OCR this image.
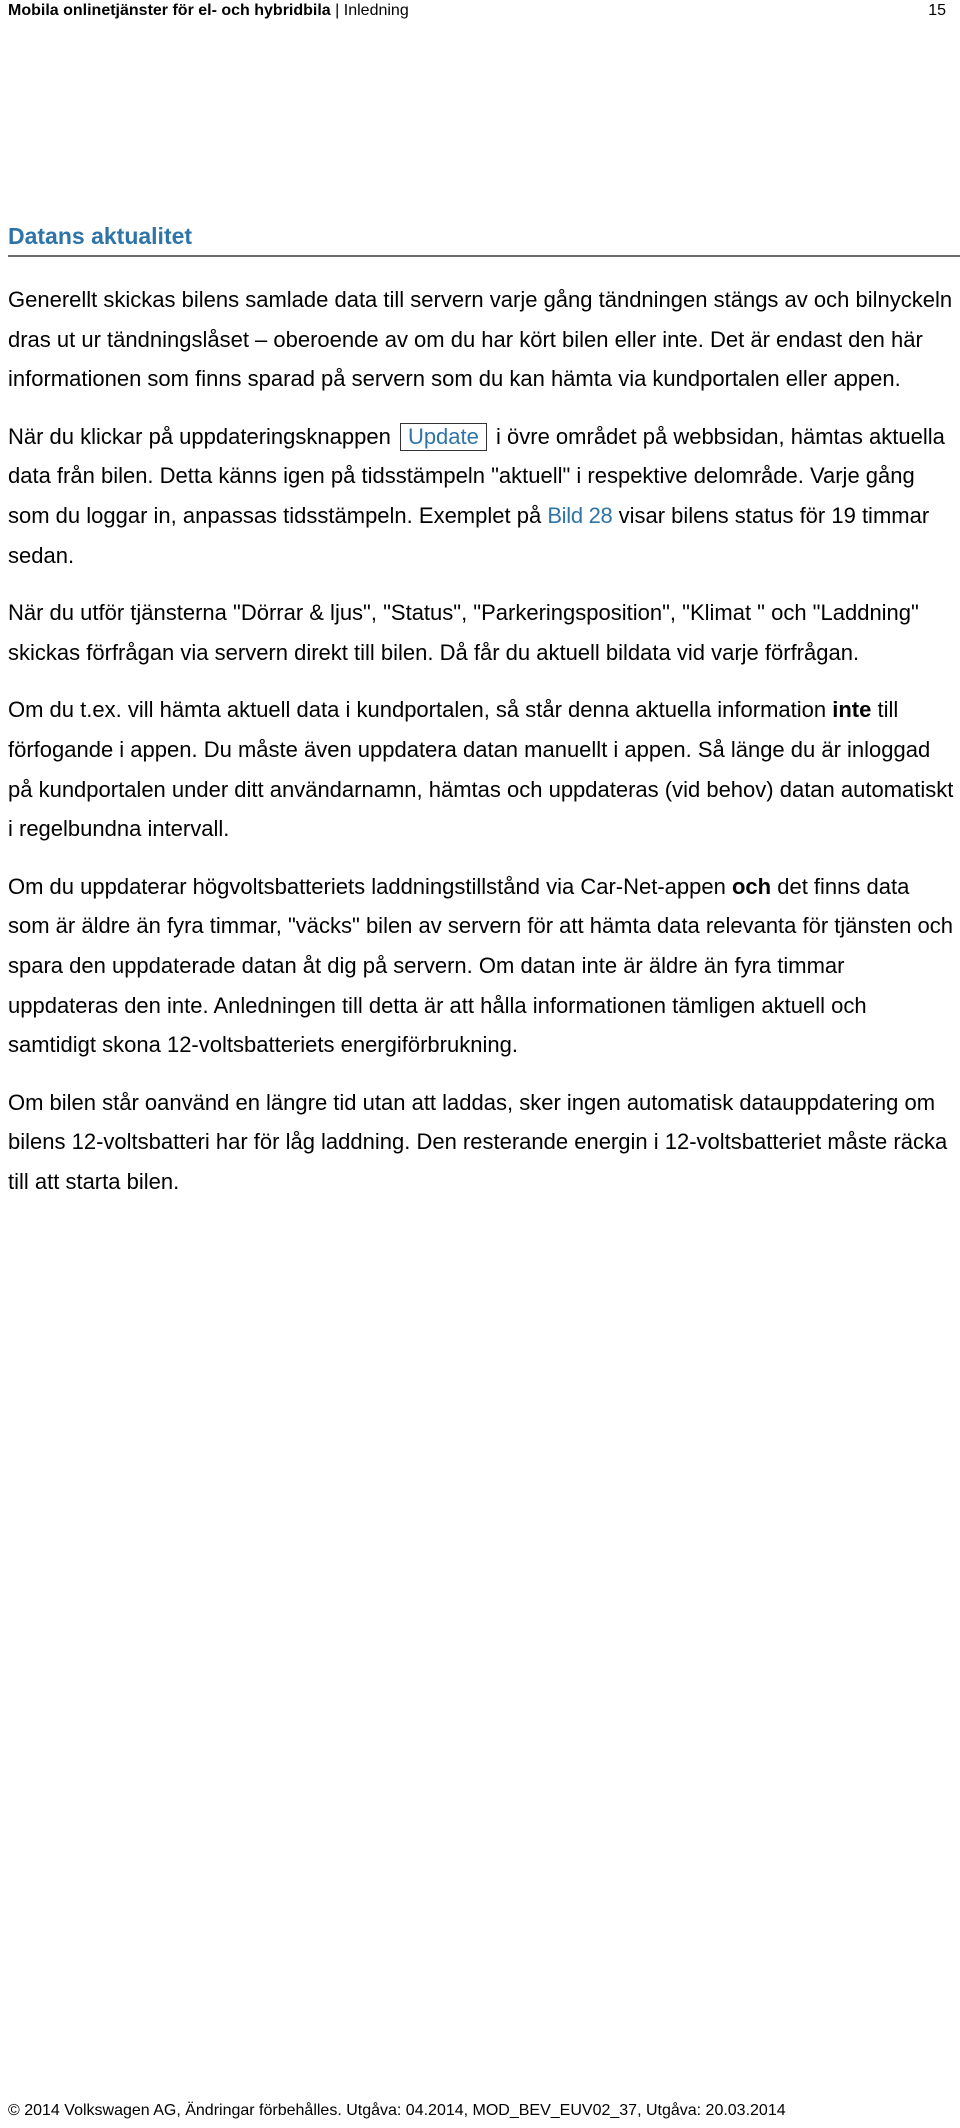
Mobila onlinetjänster för el- och hybridbila | Inledning	15
Datans aktualitet

Generellt skickas bilens samlade data till servern varje gång tändningen stängs av och bilnyckeln dras ut ur tändningslåset – oberoende av om du har kört bilen eller inte. Det är endast den här informationen som finns sparad på servern som du kan hämta via kundportalen eller appen.

När du klickar på uppdateringsknappen Update i övre området på webbsidan, hämtas aktuella data från bilen. Detta känns igen på tidsstämpeln "aktuell" i respektive delområde. Varje gång som du loggar in, anpassas tidsstämpeln. Exemplet på Bild 28 visar bilens status för 19 timmar sedan.

När du utför tjänsterna "Dörrar & ljus", "Status", "Parkeringsposition", "Klimat " och "Laddning" skickas förfrågan via servern direkt till bilen. Då får du aktuell bildata vid varje förfrågan.

Om du t.ex. vill hämta aktuell data i kundportalen, så står denna aktuella information inte till förfogande i appen. Du måste även uppdatera datan manuellt i appen. Så länge du är inloggad på kundportalen under ditt användarnamn, hämtas och uppdateras (vid behov) datan automatiskt i regelbundna intervall.

Om du uppdaterar högvoltsbatteriets laddningstillstånd via Car-Net-appen och det finns data som är äldre än fyra timmar, "väcks" bilen av servern för att hämta data relevanta för tjänsten och spara den uppdaterade datan åt dig på servern. Om datan inte är äldre än fyra timmar uppdateras den inte. Anledningen till detta är att hålla informationen tämligen aktuell och samtidigt skona 12-voltsbatteriets energiförbrukning.

Om bilen står oanvänd en längre tid utan att laddas, sker ingen automatisk datauppdatering om bilens 12-voltsbatteri har för låg laddning. Den resterande energin i 12-voltsbatteriet måste räcka till att starta bilen.

© 2014 Volkswagen AG, Ändringar förbehålles. Utgåva: 04.2014, MOD_BEV_EUV02_37, Utgåva: 20.03.2014
